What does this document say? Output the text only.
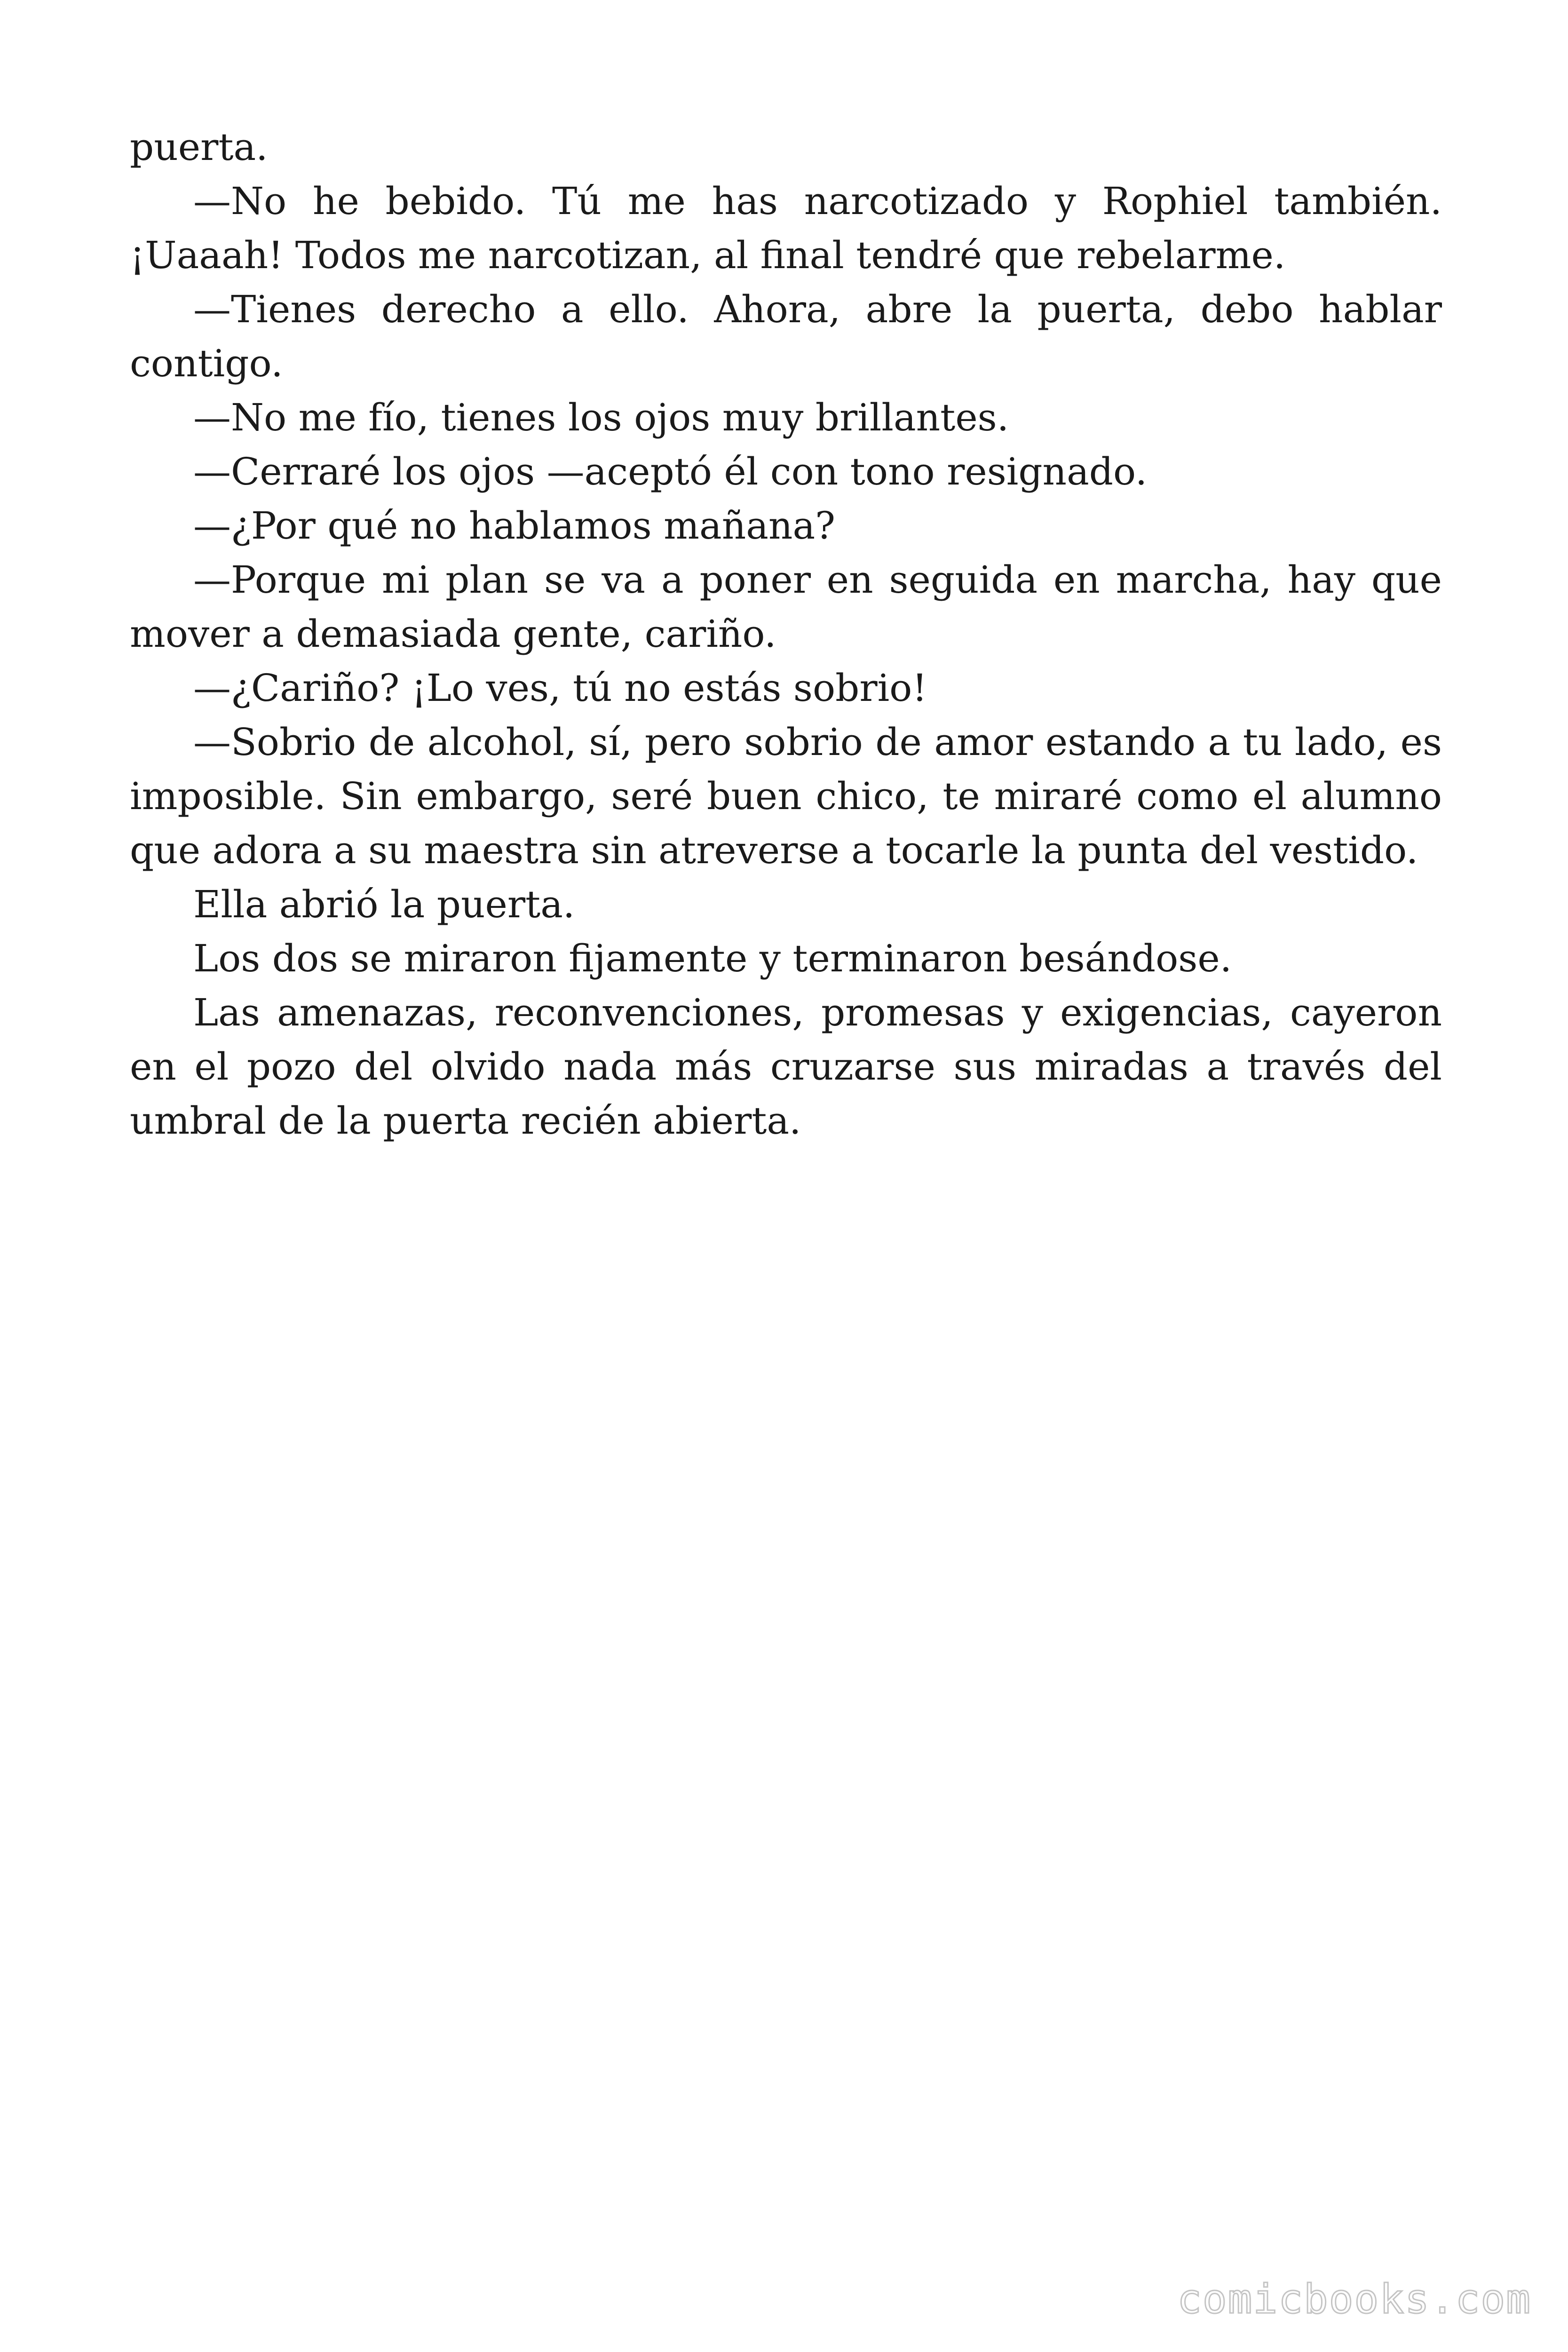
puerta.

—No he bebido. Tú me has narcotizado y Rophiel también. ¡Uaaah! Todos me narcotizan, al final tendré que rebelarme.

—Tienes derecho a ello. Ahora, abre la puerta, debo hablar contigo.

—No me fío, tienes los ojos muy brillantes.

—Cerraré los ojos —aceptó él con tono resignado.

—¿Por qué no hablamos mañana?

—Porque mi plan se va a poner en seguida en marcha, hay que mover a demasiada gente, cariño.

—¿Cariño? ¡Lo ves, tú no estás sobrio!

—Sobrio de alcohol, sí, pero sobrio de amor estando a tu lado, es imposible. Sin embargo, seré buen chico, te miraré como el alumno que adora a su maestra sin atreverse a tocarle la punta del vestido.

Ella abrió la puerta.

Los dos se miraron fijamente y terminaron besándose.

Las amenazas, reconvenciones, promesas y exigencias, cayeron en el pozo del olvido nada más cruzarse sus miradas a través del umbral de la puerta recién abierta.

comicbooks.com
